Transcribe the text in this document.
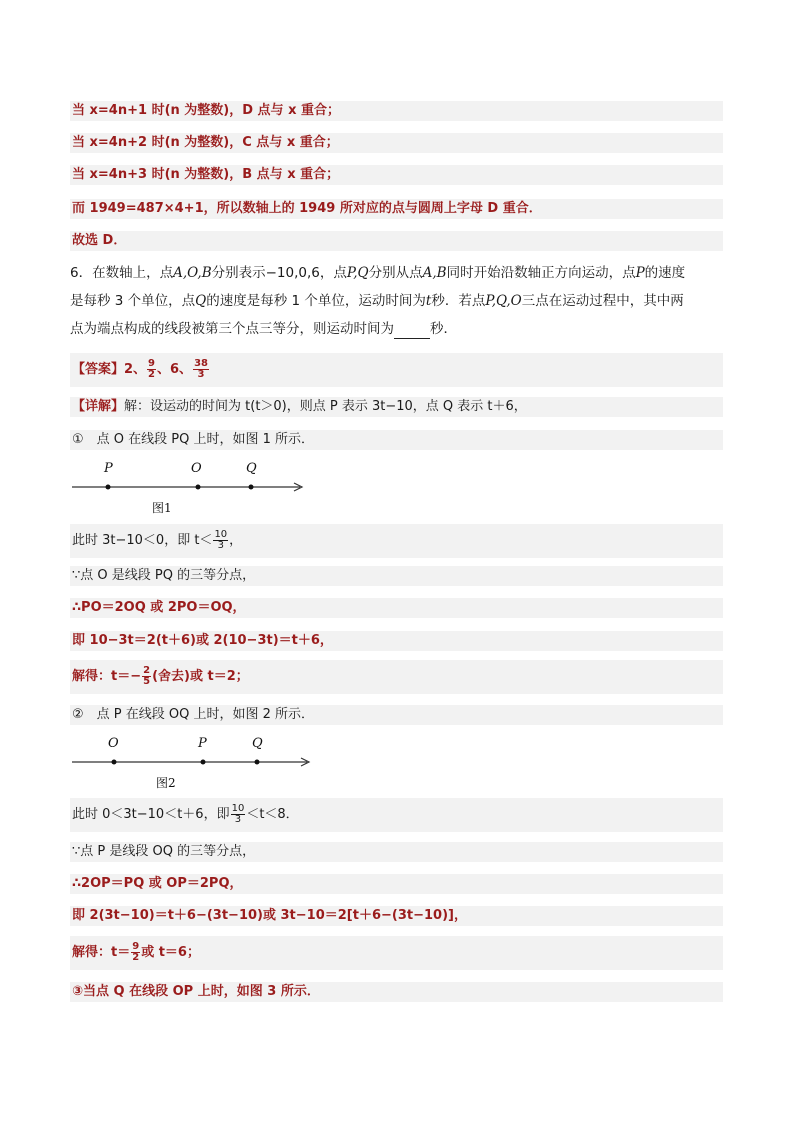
当 x=4n+1 时(n 为整数)，D 点与 x 重合；
当 x=4n+2 时(n 为整数)，C 点与 x 重合；
当 x=4n+3 时(n 为整数)，B 点与 x 重合；
而 1949=487×4+1，所以数轴上的 1949 所对应的点与圆周上字母 D 重合．
故选 D．
6．在数轴上，点A,O,B分别表示−10,0,6，点P,Q分别从点A,B同时开始沿数轴正方向运动，点P的速度
是每秒 3 个单位，点Q的速度是每秒 1 个单位，运动时间为t秒．若点P,Q,O三点在运动过程中，其中两
点为端点构成的线段被第三个点三等分，则运动时间为	秒．
【答案】2、 $\frac{9}{2}$ 、6、 $\frac{38}{3}$
【详解】解：设运动的时间为 t(t＞0)，则点 P 表示 3t−10，点 Q 表示 t＋6，
①　点 O 在线段 PQ 上时，如图 1 所示．
P	O	Q
图1
此时 3t−10＜0，即 $t< \frac{10}{3}$ ，
∵点 O 是线段 PQ 的三等分点，
∴PO＝2OQ 或 2PO＝OQ，
即 10−3t＝2(t＋6)或 2(10−3t)＝t＋6，
解得：$t=- \frac{2}{5}$ (舍去)或 t＝2；
②　点 P 在线段 OQ 上时，如图 2 所示．
O	P	Q
图2
此时 0＜3t−10＜t＋6，即 $\frac{10}{3} <t<8$．
∵点 P 是线段 OQ 的三等分点，
∴2OP＝PQ 或 OP＝2PQ，
即 2(3t−10)＝t＋6−(3t−10)或 3t−10＝2[t＋6−(3t−10)]，
解得：$t= \frac{9}{2}$ 或 t＝6；
③当点 Q 在线段 OP 上时，如图 3 所示．
